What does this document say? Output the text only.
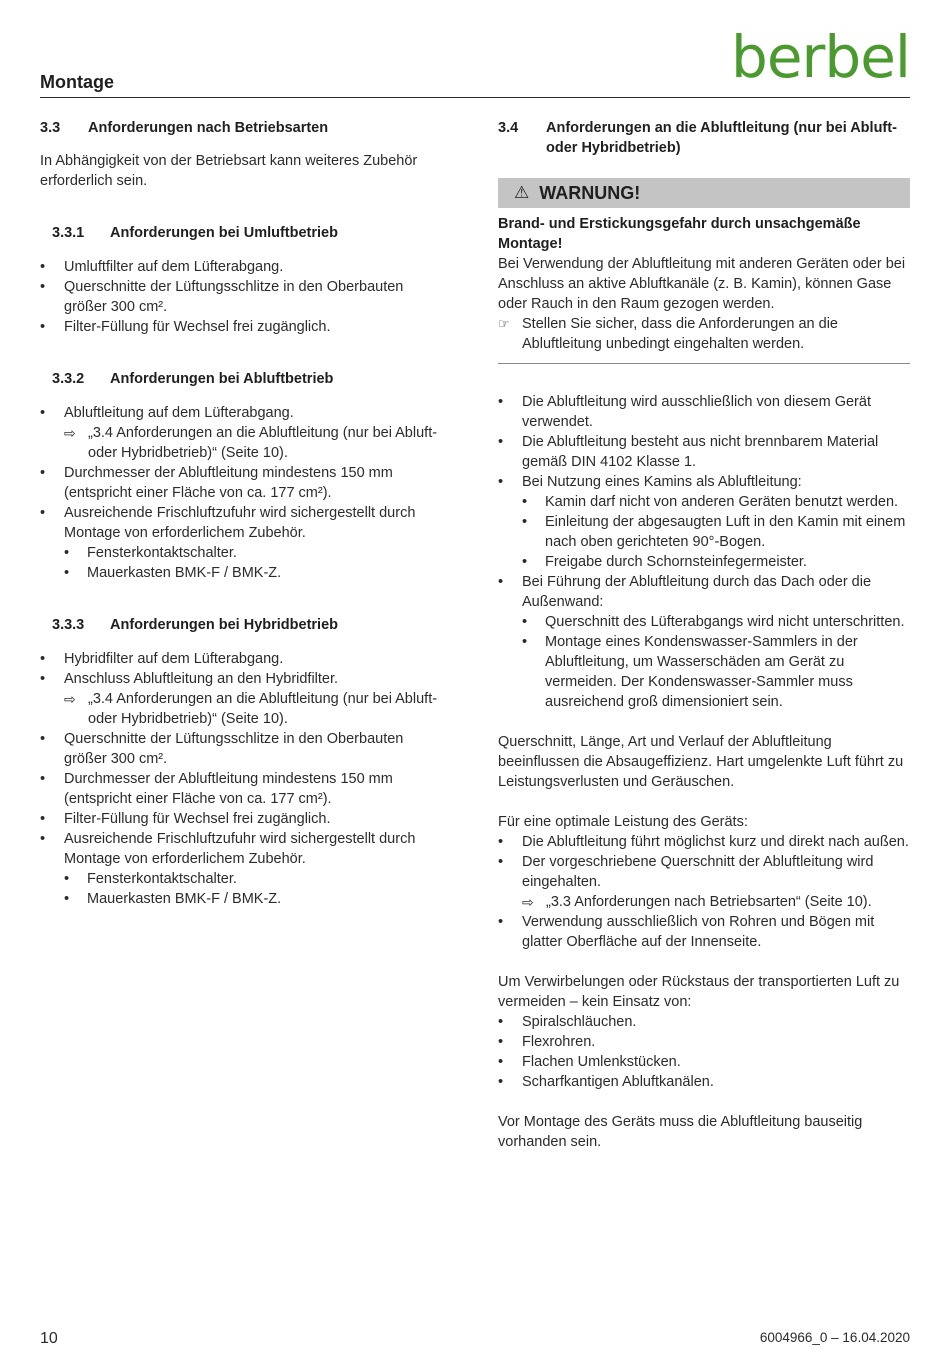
berbel
Montage
3.3	Anforderungen nach Betriebsarten

In Abhängigkeit von der Betriebsart kann weiteres Zubehör erforderlich sein.

3.3.1	Anforderungen bei Umluftbetrieb
• Umluftfilter auf dem Lüfterabgang.
• Querschnitte der Lüftungsschlitze in den Oberbauten größer 300 cm².
• Filter-Füllung für Wechsel frei zugänglich.
3.3.2	Anforderungen bei Abluftbetrieb
• Abluftleitung auf dem Lüfterabgang.
⇨ „3.4 Anforderungen an die Abluftleitung (nur bei Abluft- oder Hybridbetrieb)“ (Seite 10).
• Durchmesser der Abluftleitung mindestens 150 mm (entspricht einer Fläche von ca. 177 cm²).
• Ausreichende Frischluftzufuhr wird sichergestellt durch Montage von erforderlichem Zubehör.
• Fensterkontaktschalter.
• Mauerkasten BMK-F / BMK-Z.
3.3.3	Anforderungen bei Hybridbetrieb
• Hybridfilter auf dem Lüfterabgang.
• Anschluss Abluftleitung an den Hybridfilter.
⇨ „3.4 Anforderungen an die Abluftleitung (nur bei Abluft- oder Hybridbetrieb)“ (Seite 10).
• Querschnitte der Lüftungsschlitze in den Oberbauten größer 300 cm².
• Durchmesser der Abluftleitung mindestens 150 mm (entspricht einer Fläche von ca. 177 cm²).
• Filter-Füllung für Wechsel frei zugänglich.
• Ausreichende Frischluftzufuhr wird sichergestellt durch Montage von erforderlichem Zubehör.
• Fensterkontaktschalter.
• Mauerkasten BMK-F / BMK-Z.
3.4	Anforderungen an die Abluftleitung (nur bei Abluft- oder Hybridbetrieb)
⚠ WARNUNG!
Brand- und Erstickungsgefahr durch unsachgemäße Montage!
Bei Verwendung der Abluftleitung mit anderen Geräten oder bei Anschluss an aktive Abluftkanäle (z. B. Kamin), können Gase oder Rauch in den Raum gezogen werden.
☞ Stellen Sie sicher, dass die Anforderungen an die Abluftleitung unbedingt eingehalten werden.
• Die Abluftleitung wird ausschließlich von diesem Gerät verwendet.
• Die Abluftleitung besteht aus nicht brennbarem Material gemäß DIN 4102 Klasse 1.
• Bei Nutzung eines Kamins als Abluftleitung:
• Kamin darf nicht von anderen Geräten benutzt werden.
• Einleitung der abgesaugten Luft in den Kamin mit einem nach oben gerichteten 90°-Bogen.
• Freigabe durch Schornsteinfegermeister.
• Bei Führung der Abluftleitung durch das Dach oder die Außenwand:
• Querschnitt des Lüfterabgangs wird nicht unterschritten.
• Montage eines Kondenswasser-Sammlers in der Abluftleitung, um Wasserschäden am Gerät zu vermeiden. Der Kondenswasser-Sammler muss ausreichend groß dimensioniert sein.

Querschnitt, Länge, Art und Verlauf der Abluftleitung beeinflussen die Absaugeffizienz. Hart umgelenkte Luft führt zu Leistungsverlusten und Geräuschen.

Für eine optimale Leistung des Geräts:

• Die Abluftleitung führt möglichst kurz und direkt nach außen.
• Der vorgeschriebene Querschnitt der Abluftleitung wird eingehalten.
⇨ „3.3 Anforderungen nach Betriebsarten“ (Seite 10).
• Verwendung ausschließlich von Rohren und Bögen mit glatter Oberfläche auf der Innenseite.

Um Verwirbelungen oder Rückstaus der transportierten Luft zu vermeiden – kein Einsatz von:

• Spiralschläuchen.
• Flexrohren.
• Flachen Umlenkstücken.
• Scharfkantigen Abluftkanälen.

Vor Montage des Geräts muss die Abluftleitung bauseitig vorhanden sein.

10	6004966_0 – 16.04.2020
